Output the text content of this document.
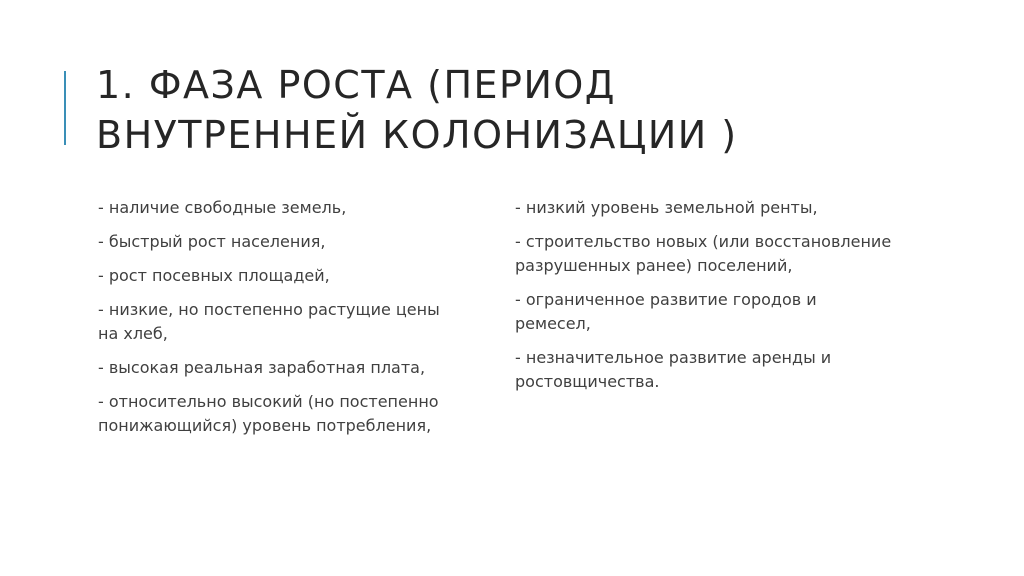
1. ФАЗА РОСТА (ПЕРИОД
ВНУТРЕННЕЙ КОЛОНИЗАЦИИ )
- наличие свободные земель,
- быстрый рост населения,
- рост посевных площадей,
- низкие, но постепенно растущие цены на хлеб,
- высокая реальная заработная плата,
- относительно высокий (но постепенно понижающийся) уровень потребления,
- низкий уровень земельной ренты,
- строительство новых (или восстановление разрушенных ранее) поселений,
- ограниченное развитие городов и ремесел,
- незначительное развитие аренды и ростовщичества.
